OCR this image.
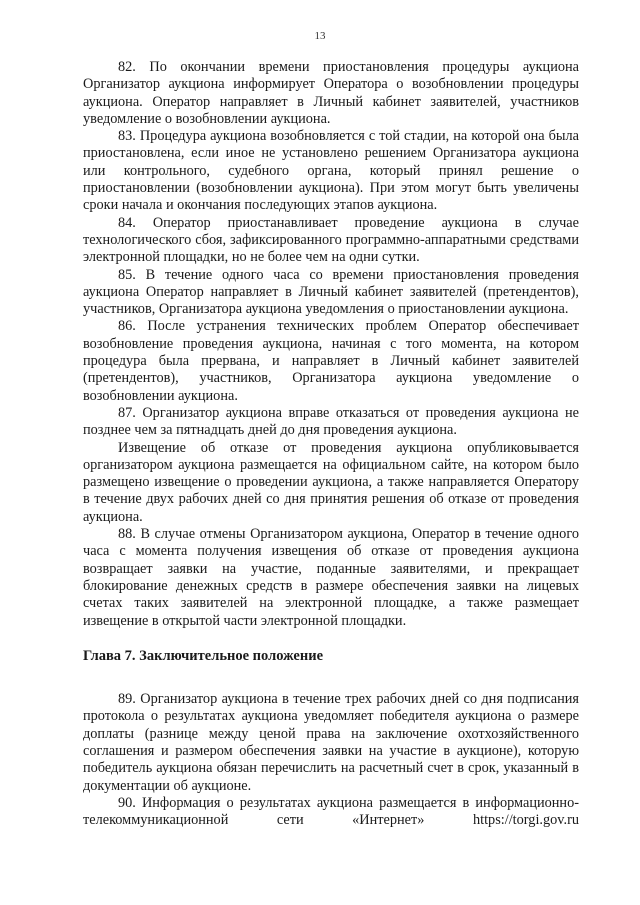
13

82. По окончании времени приостановления процедуры аукциона Организатор аукциона информирует Оператора о возобновлении процедуры аукциона. Оператор направляет в Личный кабинет заявителей, участников уведомление о возобновлении аукциона.

83. Процедура аукциона возобновляется с той стадии, на которой она была приостановлена, если иное не установлено решением Организатора аукциона или контрольного, судебного органа, который принял решение о приостановлении (возобновлении аукциона). При этом могут быть увеличены сроки начала и окончания последующих этапов аукциона.

84. Оператор приостанавливает проведение аукциона в случае технологического сбоя, зафиксированного программно-аппаратными средствами электронной площадки, но не более чем на одни сутки.

85. В течение одного часа со времени приостановления проведения аукциона Оператор направляет в Личный кабинет заявителей (претендентов), участников, Организатора аукциона уведомления о приостановлении аукциона.

86. После устранения технических проблем Оператор обеспечивает возобновление проведения аукциона, начиная с того момента, на котором процедура была прервана, и направляет в Личный кабинет заявителей (претендентов), участников, Организатора аукциона уведомление о возобновлении аукциона.

87. Организатор аукциона вправе отказаться от проведения аукциона не позднее чем за пятнадцать дней до дня проведения аукциона.

Извещение об отказе от проведения аукциона опубликовывается организатором аукциона размещается на официальном сайте, на котором было размещено извещение о проведении аукциона, а также направляется Оператору в течение двух рабочих дней со дня принятия решения об отказе от проведения аукциона.

88. В случае отмены Организатором аукциона, Оператор в течение одного часа с момента получения извещения об отказе от проведения аукциона возвращает заявки на участие, поданные заявителями, и прекращает блокирование денежных средств в размере обеспечения заявки на лицевых счетах таких заявителей на электронной площадке, а также размещает извещение в открытой части электронной площадки.

Глава 7. Заключительное положение

89. Организатор аукциона в течение трех рабочих дней со дня подписания протокола о результатах аукциона уведомляет победителя аукциона о размере доплаты (разнице между ценой права на заключение охотхозяйственного соглашения и размером обеспечения заявки на участие в аукционе), которую победитель аукциона обязан перечислить на расчетный счет в срок, указанный в документации об аукционе.

90. Информация о результатах аукциона размещается в информационно-телекоммуникационной сети «Интернет» https://torgi.gov.ru
